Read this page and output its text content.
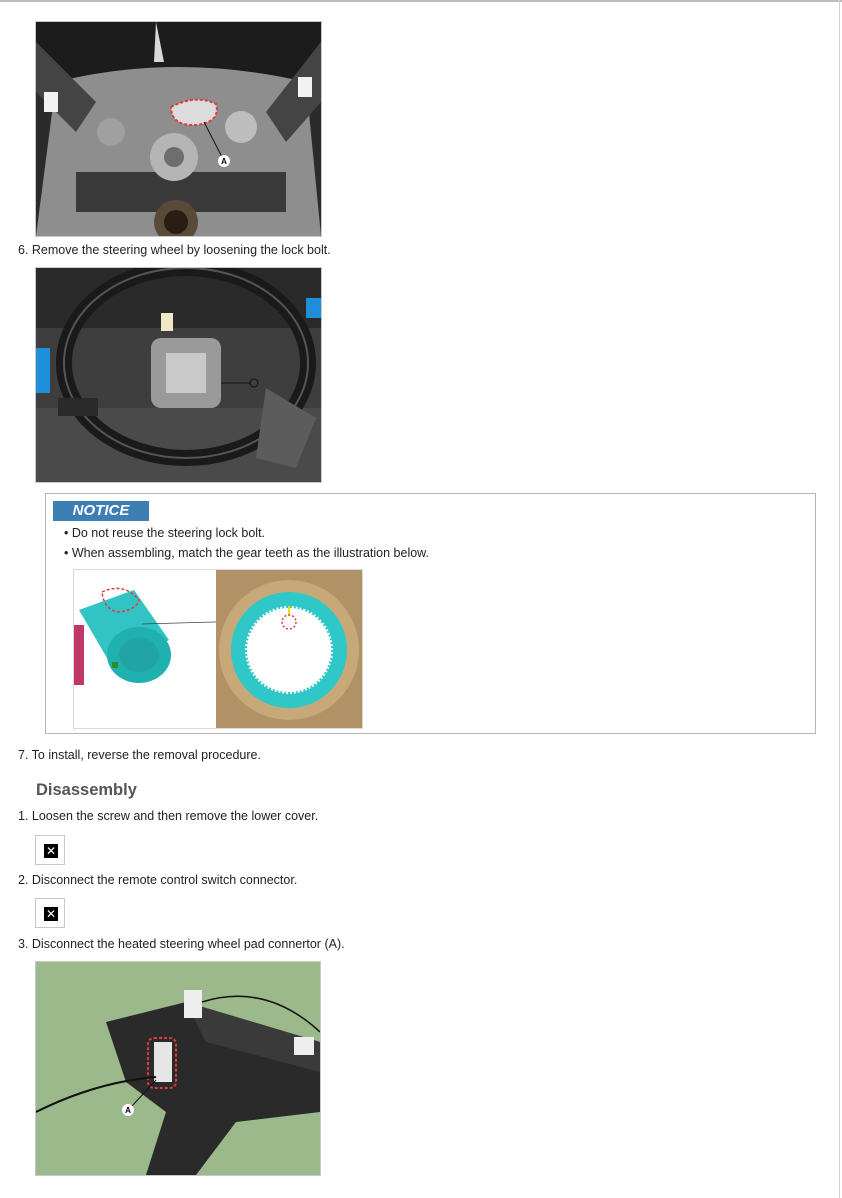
A
6. Remove the steering wheel by loosening the lock bolt.
NOTICE
• Do not reuse the steering lock bolt.
• When assembling, match the gear teeth as the illustration below.
7. To install, reverse the removal procedure.
Disassembly
1. Loosen the screw and then remove the lower cover.
✕
2. Disconnect the remote control switch connector.
✕
3. Disconnect the heated steering wheel pad connertor (A).
A
